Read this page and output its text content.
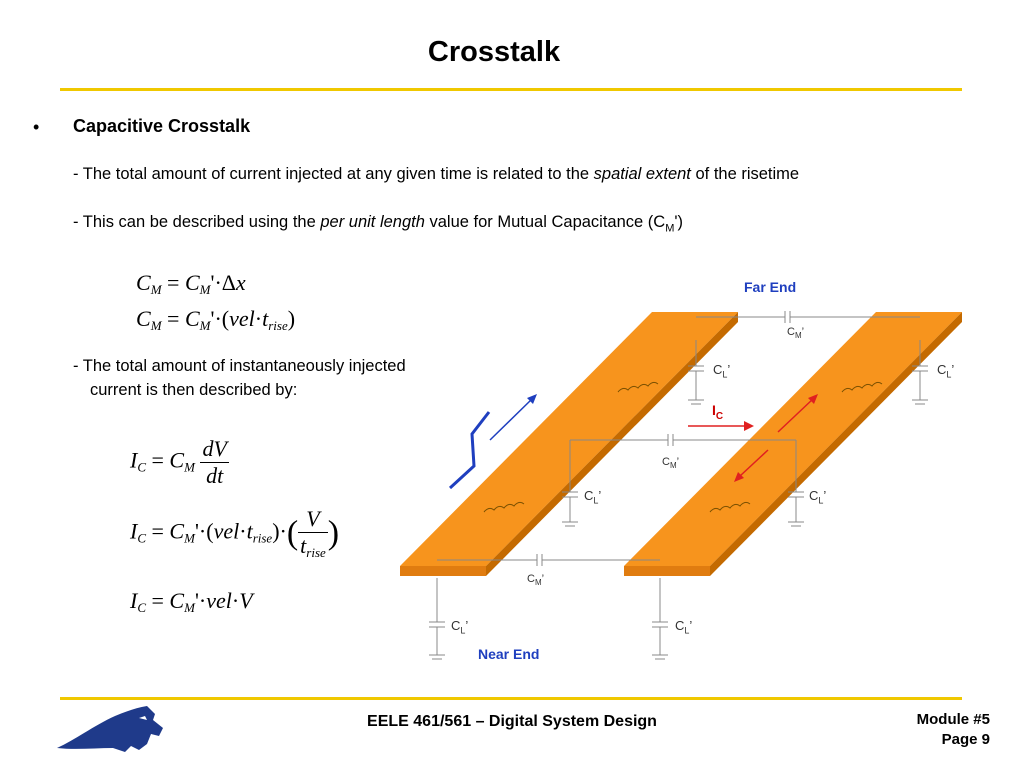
Crosstalk
• Capacitive Crosstalk
- The total amount of current injected at any given time is related to the spatial extent of the risetime
- This can be described using the per unit length value for Mutual Capacitance $(C_M')$
$C_M = C_M'\cdot\Delta x$
$C_M = C_M'\cdot(vel\cdot t_{rise})$
- The total amount of instantaneously injected
current is then described by:
$I_C = C_M \frac{dV}{dt}$
$I_C = C_M'\cdot(vel\cdot t_{rise})\cdot( \frac{V}{t_{rise}}$ )
$I_C = C_M'\cdot vel\cdot V$
Far End
Near End
$I_C$
$C_M$’
$C_M$’
$C_M$’
$C_L$’	$C_L$’
$C_L$’	$C_L$’
$C_L$’	$C_L$’
EELE 461/561 – Digital System Design	Module #5
Page 9
